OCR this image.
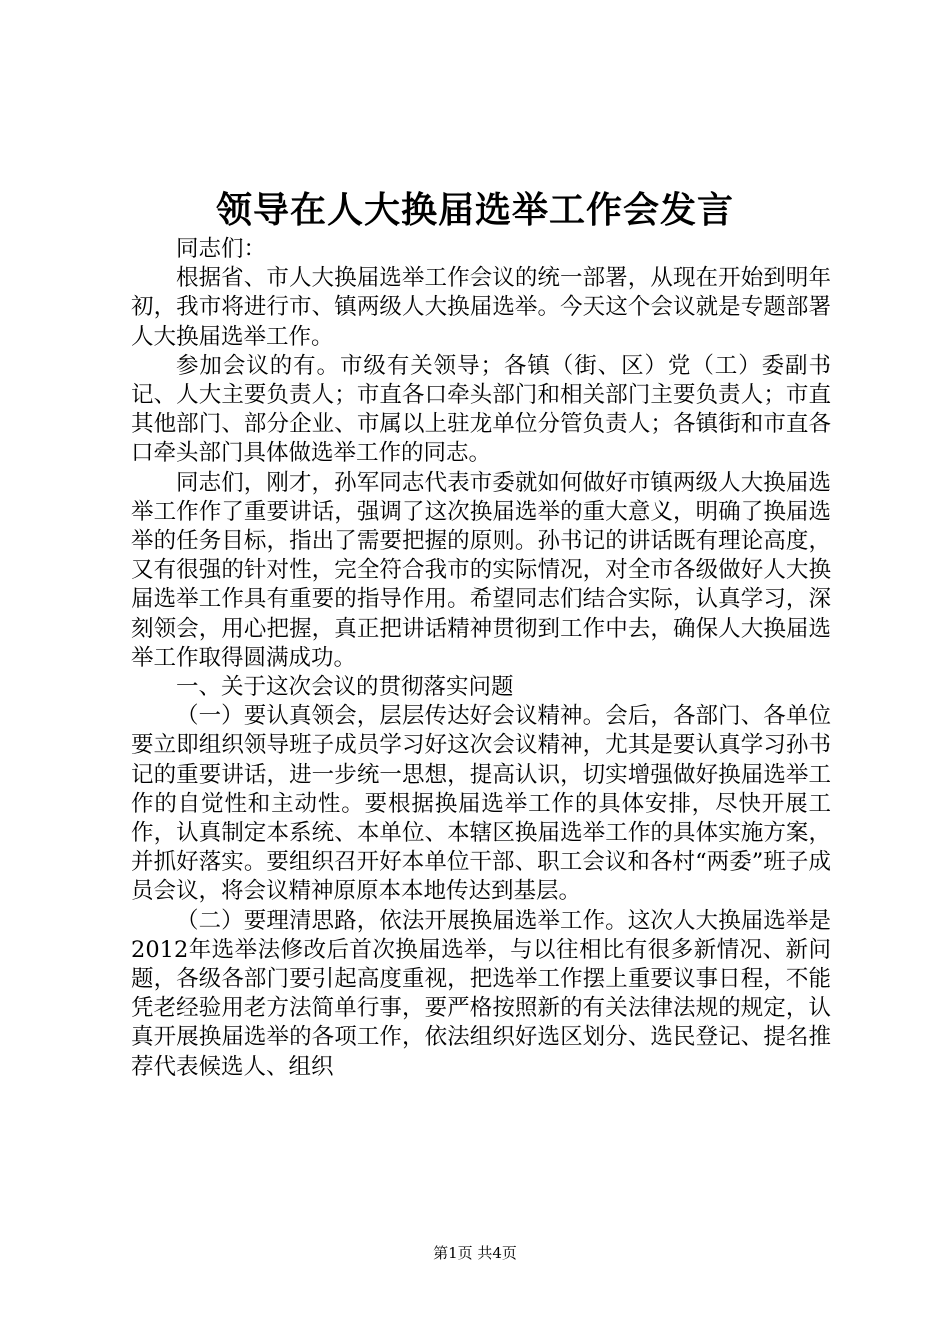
领导在人大换届选举工作会发言

同志们：

根据省、市人大换届选举工作会议的统一部署，从现在开始到明年初，我市将进行市、镇两级人大换届选举。今天这个会议就是专题部署人大换届选举工作。

参加会议的有。市级有关领导；各镇（街、区）党（工）委副书记、人大主要负责人；市直各口牵头部门和相关部门主要负责人；市直其他部门、部分企业、市属以上驻龙单位分管负责人；各镇街和市直各口牵头部门具体做选举工作的同志。

同志们，刚才，孙军同志代表市委就如何做好市镇两级人大换届选举工作作了重要讲话，强调了这次换届选举的重大意义，明确了换届选举的任务目标，指出了需要把握的原则。孙书记的讲话既有理论高度，又有很强的针对性，完全符合我市的实际情况，对全市各级做好人大换届选举工作具有重要的指导作用。希望同志们结合实际，认真学习，深刻领会，用心把握，真正把讲话精神贯彻到工作中去，确保人大换届选举工作取得圆满成功。

一、关于这次会议的贯彻落实问题

（一）要认真领会，层层传达好会议精神。会后，各部门、各单位要立即组织领导班子成员学习好这次会议精神，尤其是要认真学习孙书记的重要讲话，进一步统一思想，提高认识，切实增强做好换届选举工作的自觉性和主动性。要根据换届选举工作的具体安排，尽快开展工作，认真制定本系统、本单位、本辖区换届选举工作的具体实施方案，并抓好落实。要组织召开好本单位干部、职工会议和各村“两委”班子成员会议，将会议精神原原本本地传达到基层。

（二）要理清思路，依法开展换届选举工作。这次人大换届选举是2012年选举法修改后首次换届选举，与以往相比有很多新情况、新问题，各级各部门要引起高度重视，把选举工作摆上重要议事日程，不能凭老经验用老方法简单行事，要严格按照新的有关法律法规的规定，认真开展换届选举的各项工作，依法组织好选区划分、选民登记、提名推荐代表候选人、组织

第1页 共4页
